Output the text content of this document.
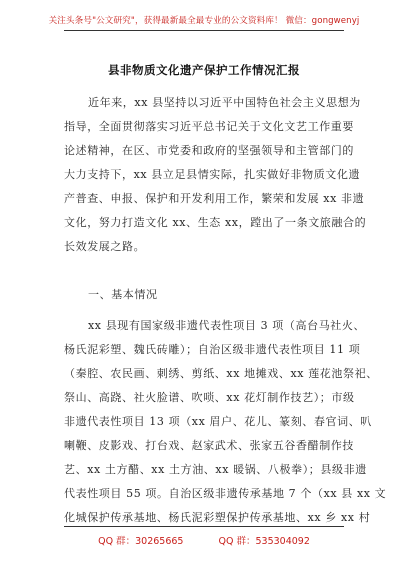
关注头条号"公文研究"，获得最新最全最专业的公文资料库！ 微信：gongwenyj
县非物质文化遗产保护工作情况汇报
近年来，xx 县坚持以习近平中国特色社会主义思想为
指导，全面贯彻落实习近平总书记关于文化文艺工作重要
论述精神，在区、市党委和政府的坚强领导和主管部门的
大力支持下，xx 县立足县情实际，扎实做好非物质文化遗
产普查、申报、保护和开发利用工作，繁荣和发展 xx 非遗
文化，努力打造文化 xx、生态 xx，蹚出了一条文旅融合的
长效发展之路。
一、基本情况
xx 县现有国家级非遗代表性项目 3 项（高台马社火、
杨氏泥彩塑、魏氏砖雕）；自治区级非遗代表性项目 11 项
（秦腔、农民画、刺绣、剪纸、xx 地摊戏、xx 莲花池祭祀、
祭山、高跷、社火脸谱、吹唢、xx 花灯制作技艺）；市级
非遗代表性项目 13 项（xx 眉户、花儿、篆刻、春官词、叭
喇鞭、皮影戏、打台戏、赵家武术、张家五谷香醋制作技
艺、xx 土方醋、xx 土方油、xx 暖锅、八极拳）；县级非遗
代表性项目 55 项。自治区级非遗传承基地 7 个（xx 县 xx 文
化城保护传承基地、杨氏泥彩塑保护传承基地、xx 乡 xx 村
QQ 群：30265665	QQ 群：535304092
